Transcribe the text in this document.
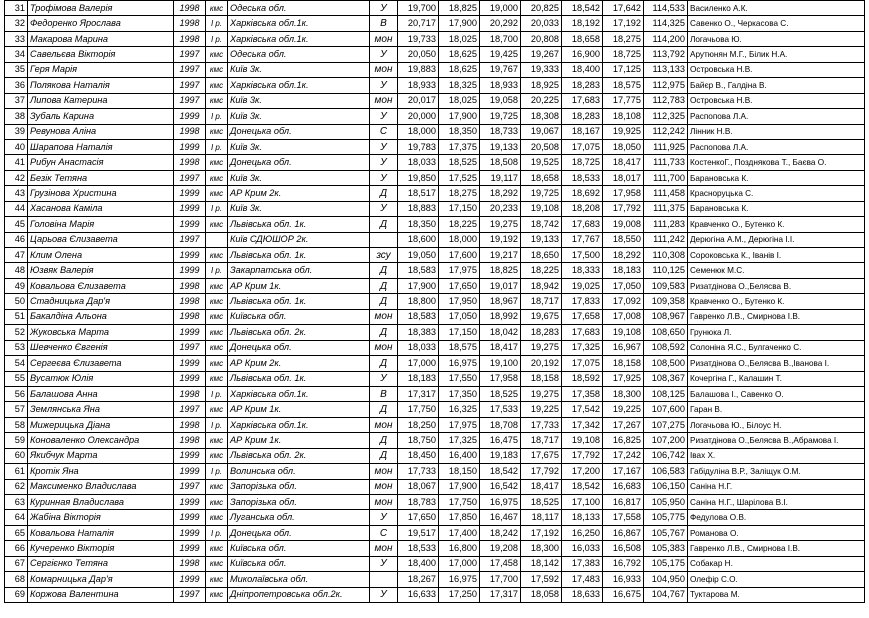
31	Трофімова Валерія	1998	кмс	Одеська обл.	У	19,700	18,825	19,000	20,825	18,542	17,642	114,533	Василенко А.К.
32	Федоренко Ярослава	1998	I р.	Харківська обл.1к.	В	20,717	17,900	20,292	20,033	18,192	17,192	114,325	Савенко О., Черкасова С.
33	Макарова Марина	1998	I р.	Харківська обл.1к.	мон	19,733	18,025	18,700	20,808	18,658	18,275	114,200	Логачьова Ю.
34	Савельєва Вікторія	1997	кмс	Одеська обл.	У	20,050	18,625	19,425	19,267	16,900	18,725	113,792	Арутюнян М.Г., Білик Н.А.
35	Геря Марія	1997	кмс	Київ 3к.	мон	19,883	18,625	19,767	19,333	18,400	17,125	113,133	Островська Н.В.
36	Полякова Наталія	1997	кмс	Харківська обл.1к.	У	18,933	18,325	18,933	18,925	18,283	18,575	112,975	Байєр В., Галдіна В.
37	Липова Катерина	1997	кмс	Київ 3к.	мон	20,017	18,025	19,058	20,225	17,683	17,775	112,783	Островська Н.В.
38	Зубаль Карина	1999	I р.	Київ 3к.	У	20,000	17,900	19,725	18,308	18,283	18,108	112,325	Распопова Л.А.
39	Ревунова Аліна	1998	кмс	Донецька обл.	С	18,000	18,350	18,733	19,067	18,167	19,925	112,242	Лінник Н.В.
40	Шарапова Наталія	1999	I р.	Київ 3к.	У	19,783	17,375	19,133	20,508	17,075	18,050	111,925	Распопова Л.А.
41	Рибун Анастасія	1998	кмс	Донецька обл.	У	18,033	18,525	18,508	19,525	18,725	18,417	111,733	КостенкоГ., Позднякова Т., Баєва О.
42	Безік Тетяна	1997	кмс	Київ 3к.	У	19,850	17,525	19,117	18,658	18,533	18,017	111,700	Барановська К.
43	Грузінова Христина	1999	кмс	АР Крим 2к.	Д	18,517	18,275	18,292	19,725	18,692	17,958	111,458	Красноруцька С.
44	Хасанова Каміла	1999	I р.	Київ 3к.	У	18,883	17,150	20,233	19,108	18,208	17,792	111,375	Барановська К.
45	Головіна Марія	1999	кмс	Львівська обл. 1к.	Д	18,350	18,225	19,275	18,742	17,683	19,008	111,283	Кравченко О., Бутенко К.
46	Царьова Єлизавета	1997		Київ СДЮШОР 2к.		18,600	18,000	19,192	19,133	17,767	18,550	111,242	Дерюгіна А.М., Дерюгіна І.І.
47	Клим Олена	1999	кмс	Львівська обл. 1к.	зсу	19,050	17,600	19,217	18,650	17,500	18,292	110,308	Сороковська К., Іванів І.
48	Юзвяк Валерія	1999	I р.	Закарпатська обл.	Д	18,583	17,975	18,825	18,225	18,333	18,183	110,125	Семенюк М.С.
49	Ковальова Єлизавета	1998	кмс	АР Крим 1к.	Д	17,900	17,650	19,017	18,942	19,025	17,050	109,583	Ризатдінова О.,Белясва В.
50	Стадницька Дар'я	1998	кмс	Львівська обл. 1к.	Д	18,800	17,950	18,967	18,717	17,833	17,092	109,358	Кравченко О., Бутенко К.
51	Бакалдіна Альона	1998	кмс	Київська обл.	мон	18,583	17,050	18,992	19,675	17,658	17,008	108,967	Гавренко Л.В., Смирнова І.В.
52	Жуковська Марта	1999	кмс	Львівська обл. 2к.	Д	18,383	17,150	18,042	18,283	17,683	19,108	108,650	Грунюка Л.
53	Шевченко Євгенія	1997	кмс	Донецька обл.	мон	18,033	18,575	18,417	19,275	17,325	16,967	108,592	Солоніна Я.С., Булгаченко С.
54	Сергеєва Єлизавета	1999	кмс	АР Крим 2к.	Д	17,000	16,975	19,100	20,192	17,075	18,158	108,500	Ризатдінова О.,Белясва В.,Іванова І.
55	Вусатюк Юлія	1999	кмс	Львівська обл. 1к.	У	18,183	17,550	17,958	18,158	18,592	17,925	108,367	Кочергіна Г., Калашин Т.
56	Балашова Анна	1998	I р.	Харківська обл.1к.	В	17,317	17,350	18,525	19,275	17,358	18,300	108,125	Балашова І., Савенко О.
57	Землянська Яна	1997	кмс	АР Крим 1к.	Д	17,750	16,325	17,533	19,225	17,542	19,225	107,600	Гаран В.
58	Мижерицька Діана	1998	I р.	Харківська обл.1к.	мон	18,250	17,975	18,708	17,733	17,342	17,267	107,275	Логачьова Ю., Білоус Н.
59	Коноваленко Олександра	1998	кмс	АР Крим 1к.	Д	18,750	17,325	16,475	18,717	19,108	16,825	107,200	Ризатдінова О.,Белясва В.,Абрамова І.
60	Якибчук Марта	1999	кмс	Львівська обл. 2к.	Д	18,450	16,400	19,183	17,675	17,792	17,242	106,742	Івах Х.
61	Кротік Яна	1999	I р.	Волинська обл.	мон	17,733	18,150	18,542	17,792	17,200	17,167	106,583	Габідуліна В.Р., Заліщук О.М.
62	Максименко Владислава	1997	кмс	Запорізька обл.	мон	18,067	17,900	16,542	18,417	18,542	16,683	106,150	Саніна Н.Г.
63	Куринная Владислава	1999	кмс	Запорізька обл.	мон	18,783	17,750	16,975	18,525	17,100	16,817	105,950	Саніна Н.Г., Шарілова В.І.
64	Жабіна Вікторія	1999	кмс	Луганська обл.	У	17,650	17,850	16,467	18,117	18,133	17,558	105,775	Федулова О.В.
65	Ковальова Наталія	1999	I р.	Донецька обл.	С	19,517	17,400	18,242	17,192	16,250	16,867	105,767	Романова О.
66	Кучеренко Вікторія	1999	кмс	Київська обл.	мон	18,533	16,800	19,208	18,300	16,033	16,508	105,383	Гавренко Л.В., Смирнова І.В.
67	Сергієнко Тетяна	1998	кмс	Київська обл.	У	18,400	17,000	17,458	18,142	17,383	16,792	105,175	Собакар Н.
68	Комарницька Дар'я	1999	кмс	Миколаївська обл.		18,267	16,975	17,700	17,592	17,483	16,933	104,950	Олефір С.О.
69	Коржова Валентина	1997	кмс	Дніпропетровська обл.2к.	У	16,633	17,250	17,317	18,058	18,633	16,675	104,767	Туктарова М.
